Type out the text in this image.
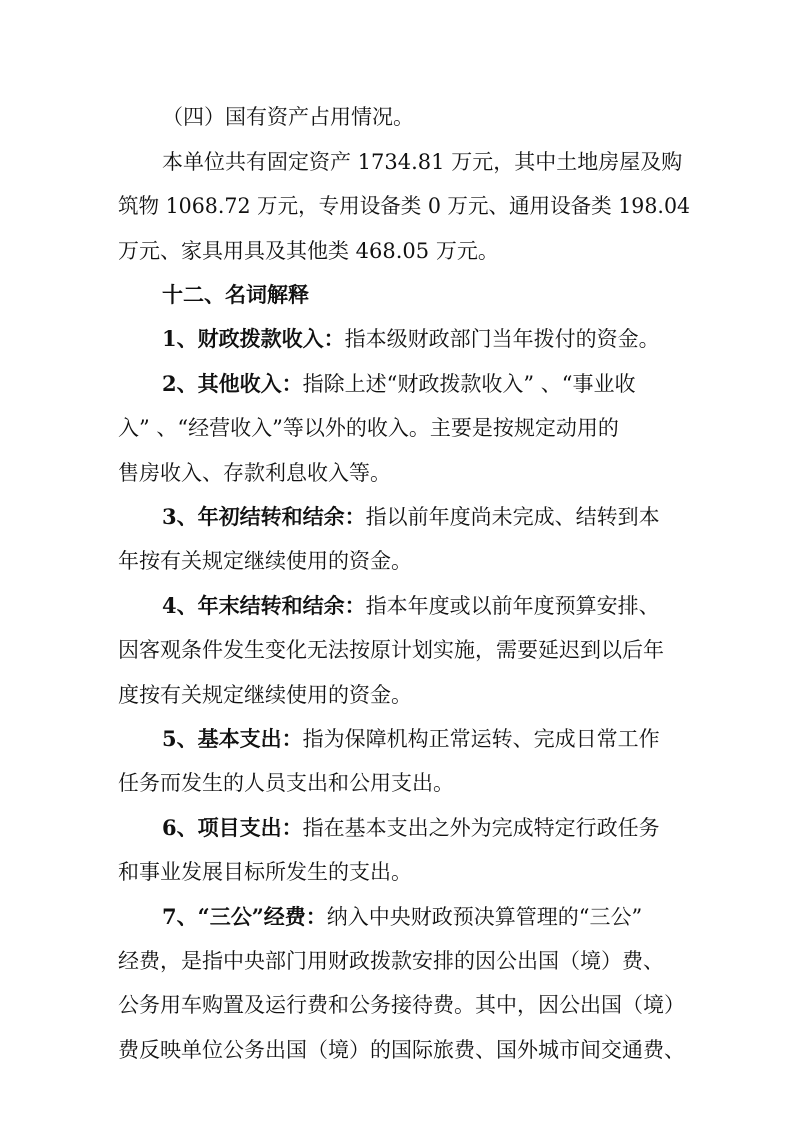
（四）国有资产占用情况。
本单位共有固定资产 1734.81 万元，其中土地房屋及购
筑物 1068.72 万元，专用设备类 0 万元、通用设备类 198.04
万元、家具用具及其他类 468.05 万元。
十二、名词解释
1、财政拨款收入：指本级财政部门当年拨付的资金。
2、其他收入：指除上述“财政拨款收入” 、“事业收
入” 、“经营收入”等以外的收入。主要是按规定动用的
售房收入、存款利息收入等。
3、年初结转和结余：指以前年度尚未完成、结转到本
年按有关规定继续使用的资金。
4、年末结转和结余：指本年度或以前年度预算安排、
因客观条件发生变化无法按原计划实施，需要延迟到以后年
度按有关规定继续使用的资金。
5、基本支出：指为保障机构正常运转、完成日常工作
任务而发生的人员支出和公用支出。
6、项目支出：指在基本支出之外为完成特定行政任务
和事业发展目标所发生的支出。
7、“三公”经费：纳入中央财政预决算管理的“三公”
经费，是指中央部门用财政拨款安排的因公出国（境）费、
公务用车购置及运行费和公务接待费。其中，因公出国（境）
费反映单位公务出国（境）的国际旅费、国外城市间交通费、
